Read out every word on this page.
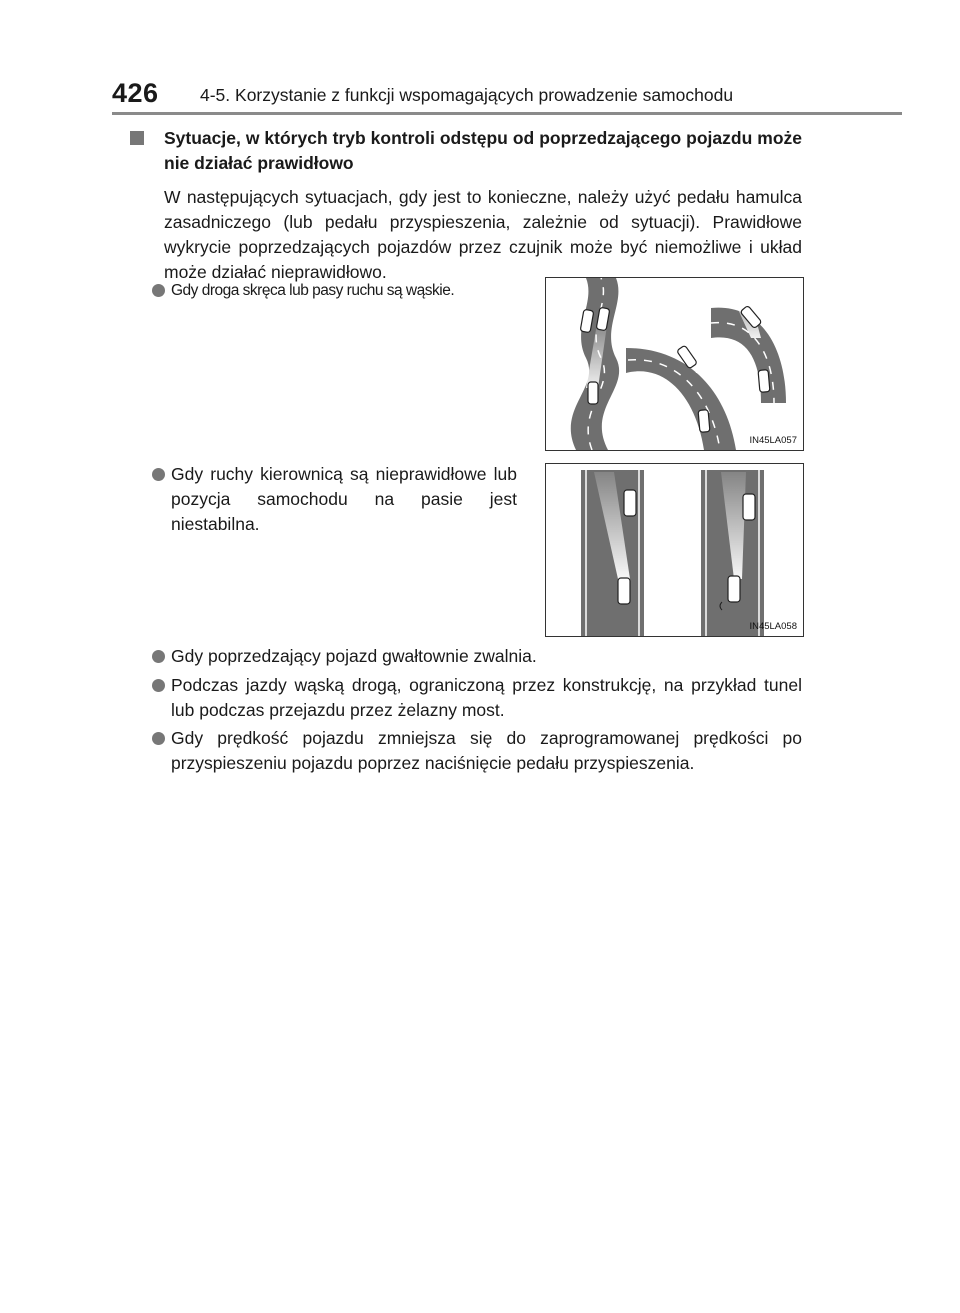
426 4-5. Korzystanie z funkcji wspomagających prowadzenie samochodu
Sytuacje, w których tryb kontroli odstępu od poprzedzającego pojazdu może nie działać prawidłowo
W następujących sytuacjach, gdy jest to konieczne, należy użyć pedału hamulca zasadniczego (lub pedału przyspieszenia, zależnie od sytuacji). Prawidłowe wykrycie poprzedzających pojazdów przez czujnik może być niemożliwe i układ może działać nieprawidłowo.
Gdy droga skręca lub pasy ruchu są wąskie.
IN45LA057
Gdy ruchy kierownicą są nieprawidłowe lub pozycja samochodu na pasie jest niestabilna.
IN45LA058
Gdy poprzedzający pojazd gwałtownie zwalnia.
Podczas jazdy wąską drogą, ograniczoną przez konstrukcję, na przykład tunel lub podczas przejazdu przez żelazny most.
Gdy prędkość pojazdu zmniejsza się do zaprogramowanej prędkości po przyspieszeniu pojazdu poprzez naciśnięcie pedału przyspieszenia.
